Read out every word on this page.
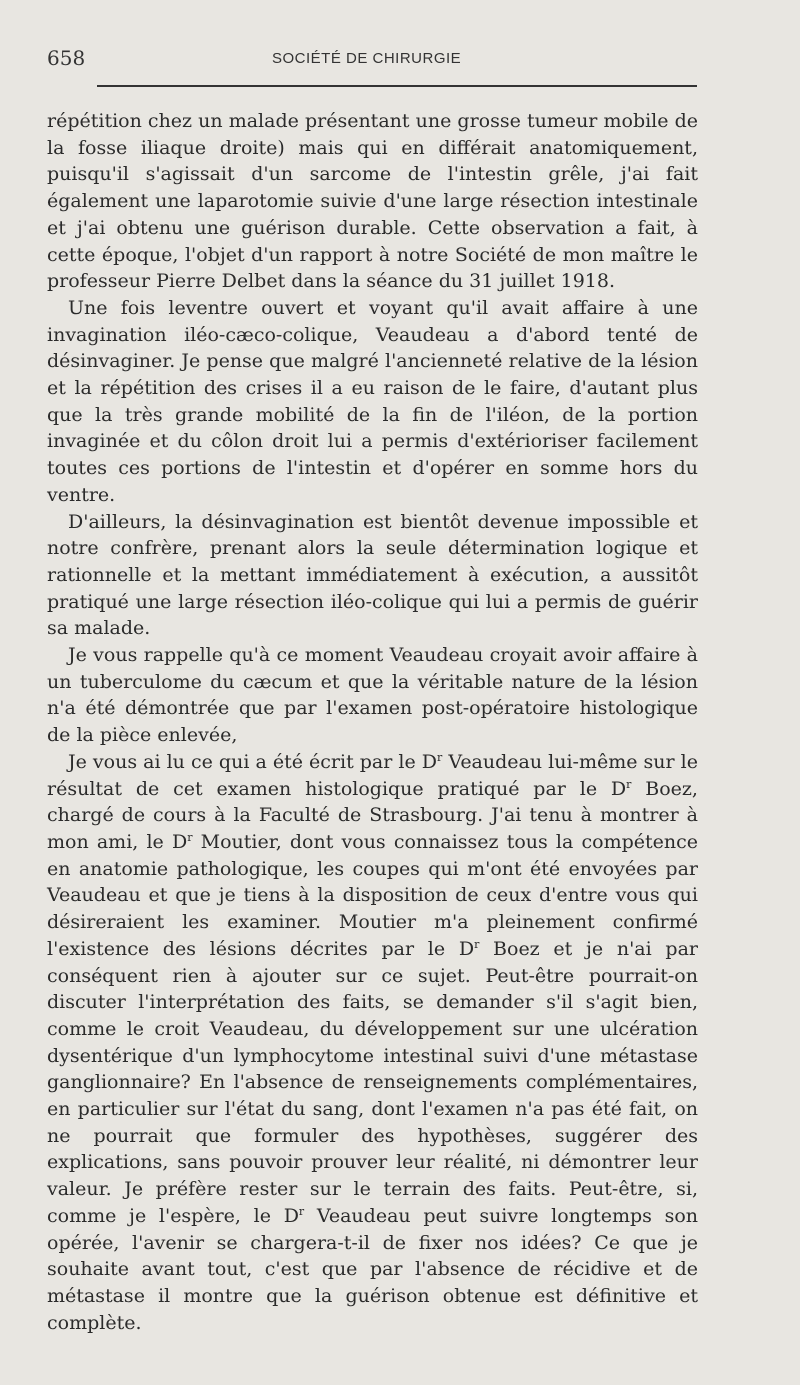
658	SOCIÉTÉ DE CHIRURGIE

répétition chez un malade présentant une grosse tumeur mobile de la fosse iliaque droite) mais qui en différait anatomiquement, puisqu'il s'agissait d'un sarcome de l'intestin grêle, j'ai fait également une laparotomie suivie d'une large résection intestinale et j'ai obtenu une guérison durable. Cette observation a fait, à cette époque, l'objet d'un rapport à notre Société de mon maître le professeur Pierre Delbet dans la séance du 31 juillet 1918.

Une fois leventre ouvert et voyant qu'il avait affaire à une invagination iléo-cæco-colique, Veaudeau a d'abord tenté de désinvaginer. Je pense que malgré l'ancienneté relative de la lésion et la répétition des crises il a eu raison de le faire, d'autant plus que la très grande mobilité de la fin de l'iléon, de la portion invaginée et du côlon droit lui a permis d'extérioriser facilement toutes ces portions de l'intestin et d'opérer en somme hors du ventre.

D'ailleurs, la désinvagination est bientôt devenue impossible et notre confrère, prenant alors la seule détermination logique et rationnelle et la mettant immédiatement à exécution, a aussitôt pratiqué une large résection iléo-colique qui lui a permis de guérir sa malade.

Je vous rappelle qu'à ce moment Veaudeau croyait avoir affaire à un tuberculome du cæcum et que la véritable nature de la lésion n'a été démontrée que par l'examen post-opératoire histologique de la pièce enlevée,

Je vous ai lu ce qui a été écrit par le $D^r$ Veaudeau lui-même sur le résultat de cet examen histologique pratiqué par le $D^r$ Boez, chargé de cours à la Faculté de Strasbourg. J'ai tenu à montrer à mon ami, le $D^r$ Moutier, dont vous connaissez tous la compétence en anatomie pathologique, les coupes qui m'ont été envoyées par Veaudeau et que je tiens à la disposition de ceux d'entre vous qui désireraient les examiner. Moutier m'a pleinement confirmé l'existence des lésions décrites par le $D^r$ Boez et je n'ai par conséquent rien à ajouter sur ce sujet. Peut-être pourrait-on discuter l'interprétation des faits, se demander s'il s'agit bien, comme le croit Veaudeau, du développement sur une ulcération dysentérique d'un lymphocytome intestinal suivi d'une métastase ganglionnaire? En l'absence de renseignements complémentaires, en particulier sur l'état du sang, dont l'examen n'a pas été fait, on ne pourrait que formuler des hypothèses, suggérer des explications, sans pouvoir prouver leur réalité, ni démontrer leur valeur. Je préfère rester sur le terrain des faits. Peut-être, si, comme je l'espère, le $D^r$ Veaudeau peut suivre longtemps son opérée, l'avenir se chargera-t-il de fixer nos idées? Ce que je souhaite avant tout, c'est que par l'absence de récidive et de métastase il montre que la guérison obtenue est définitive et complète.
